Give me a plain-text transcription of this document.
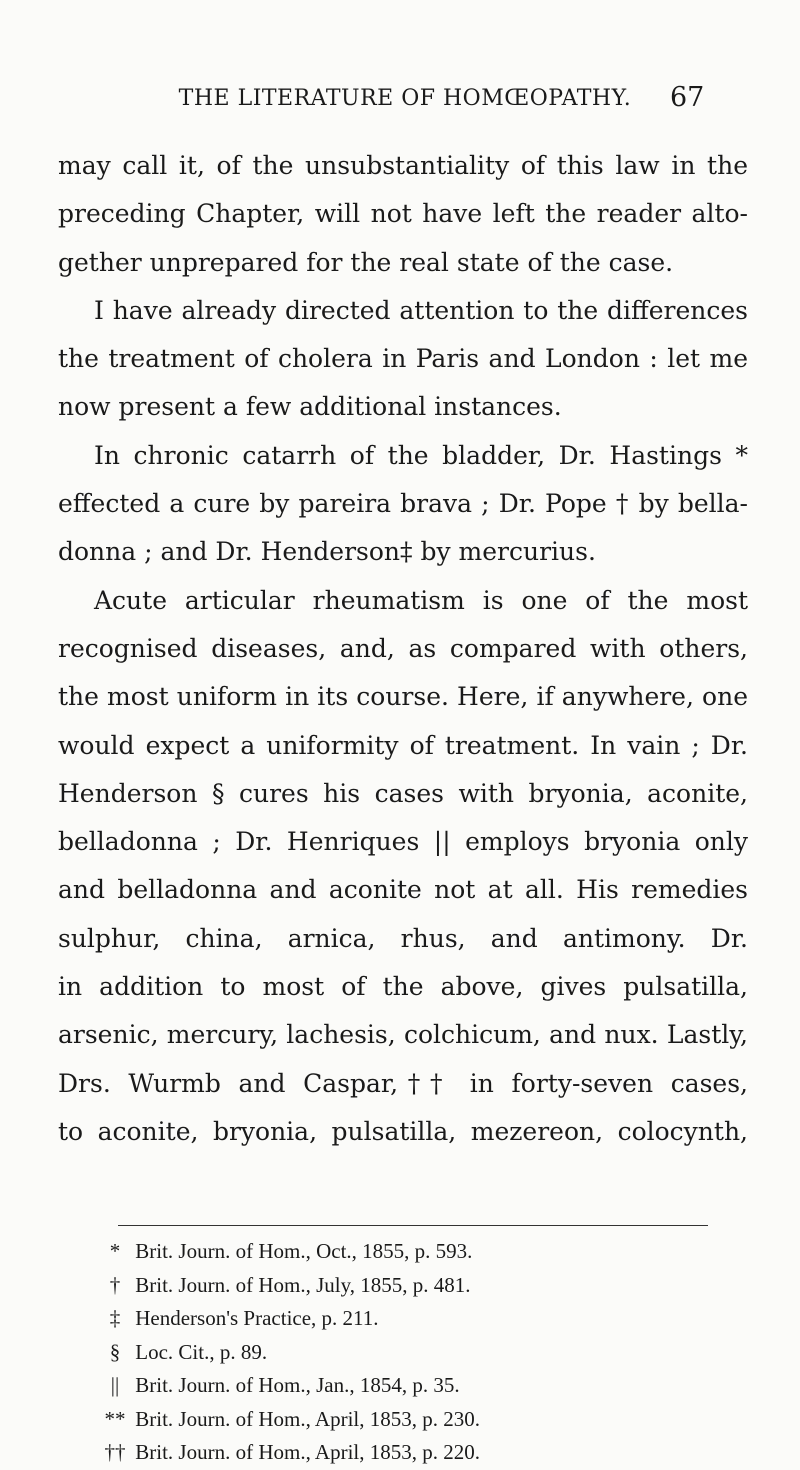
THE LITERATURE OF HOMŒOPATHY.	67
may call it, of the unsubstantiality of this law in the
preceding Chapter, will not have left the reader alto-
gether unprepared for the real state of the case.
I have already directed attention to the differences
the treatment of cholera in Paris and London : let me
now present a few additional instances.
In chronic catarrh of the bladder, Dr. Hastings *
effected a cure by pareira brava ; Dr. Pope † by bella-
donna ; and Dr. Henderson‡ by mercurius.
Acute articular rheumatism is one of the most
recognised diseases, and, as compared with others,
the most uniform in its course. Here, if anywhere, one
would expect a uniformity of treatment. In vain ; Dr.
Henderson § cures his cases with bryonia, aconite,
belladonna ; Dr. Henriques || employs bryonia only
and belladonna and aconite not at all. His remedies
sulphur, china, arnica, rhus, and antimony. Dr.
in addition to most of the above, gives pulsatilla,
arsenic, mercury, lachesis, colchicum, and nux. Lastly,
Drs. Wurmb and Caspar,†† in forty-seven cases,
to aconite, bryonia, pulsatilla, mezereon, colocynth,
* Brit. Journ. of Hom., Oct., 1855, p. 593.
† Brit. Journ. of Hom., July, 1855, p. 481.
‡ Henderson's Practice, p. 211.
§ Loc. Cit., p. 89.
|| Brit. Journ. of Hom., Jan., 1854, p. 35.
** Brit. Journ. of Hom., April, 1853, p. 230.
†† Brit. Journ. of Hom., April, 1853, p. 220.
